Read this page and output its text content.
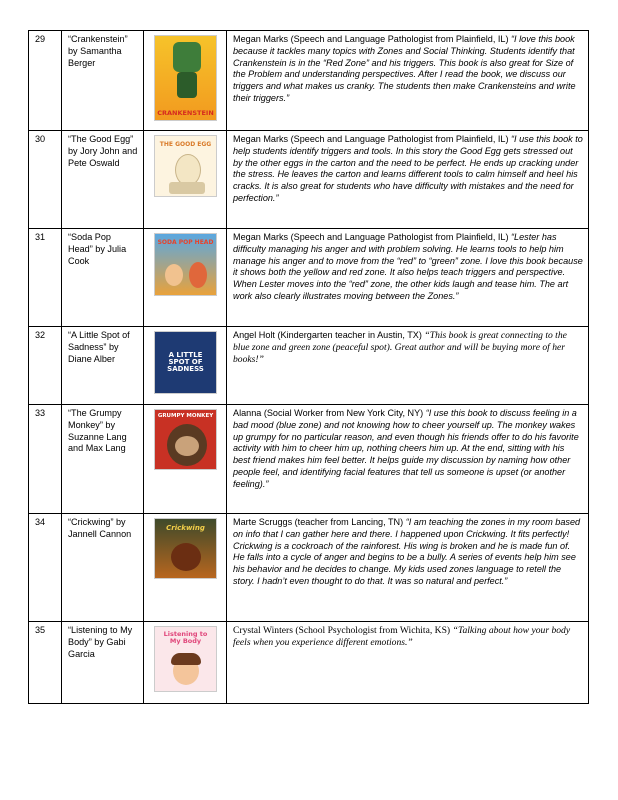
29	“Crankenstein” by Samantha Berger	CRANKENSTEIN	Megan Marks (Speech and Language Pathologist from Plainfield, IL) “I love this book because it tackles many topics with Zones and Social Thinking. Students identify that Crankenstein is in the “Red Zone” and his triggers. This book is also great for Size of the Problem and understanding perspectives. After I read the book, we discuss our triggers and what makes us cranky. The students then make Crankensteins and write their triggers.”
30	“The Good Egg” by Jory John and Pete Oswald	THE GOOD EGG	Megan Marks (Speech and Language Pathologist from Plainfield, IL) “I use this book to help students identify triggers and tools. In this story the Good Egg gets stressed out by the other eggs in the carton and the need to be perfect. He ends up cracking under the stress. He leaves the carton and learns different tools to calm himself and heel his cracks. It is also great for students who have difficulty with mistakes and the need for perfection.”
31	“Soda Pop Head” by Julia Cook	SODA POP HEAD	Megan Marks (Speech and Language Pathologist from Plainfield, IL) “Lester has difficulty managing his anger and with problem solving. He learns tools to help him manage his anger and to move from the “red” to “green” zone. I love this book because it shows both the yellow and red zone. It also helps teach triggers and perspective. When Lester moves into the “red” zone, the other kids laugh and tease him. The art work also clearly illustrates moving between the Zones.”
32	“A Little Spot of Sadness” by Diane Alber	A LITTLE SPOT OF SADNESS	Angel Holt (Kindergarten teacher in Austin, TX) “This book is great connecting to the blue zone and green zone (peaceful spot). Great author and will be buying more of her books!”
33	“The Grumpy Monkey” by Suzanne Lang and Max Lang	GRUMPY MONKEY	Alanna (Social Worker from New York City, NY) “I use this book to discuss feeling in a bad mood (blue zone) and not knowing how to cheer yourself up. The monkey wakes up grumpy for no particular reason, and even though his friends offer to do his favorite activity with him to cheer him up, nothing cheers him up. At the end, sitting with his best friend makes him feel better. It helps guide my discussion by naming how other people feel, and identifying facial features that tell us someone is upset (or another feeling).”
34	“Crickwing” by Jannell Cannon	Crickwing	Marte Scruggs (teacher from Lancing, TN) “I am teaching the zones in my room based on info that I can gather here and there. I happened upon Crickwing. It fits perfectly! Crickwing is a cockroach of the rainforest. His wing is broken and he is made fun of. He falls into a cycle of anger and begins to be a bully. A series of events help him see his behavior and he decides to change. My kids used zones language to retell the story. I hadn’t even thought to do that. It was so natural and perfect.”
35	“Listening to My Body” by Gabi Garcia	Listening to My Body	Crystal Winters (School Psychologist from Wichita, KS) “Talking about how your body feels when you experience different emotions.”
